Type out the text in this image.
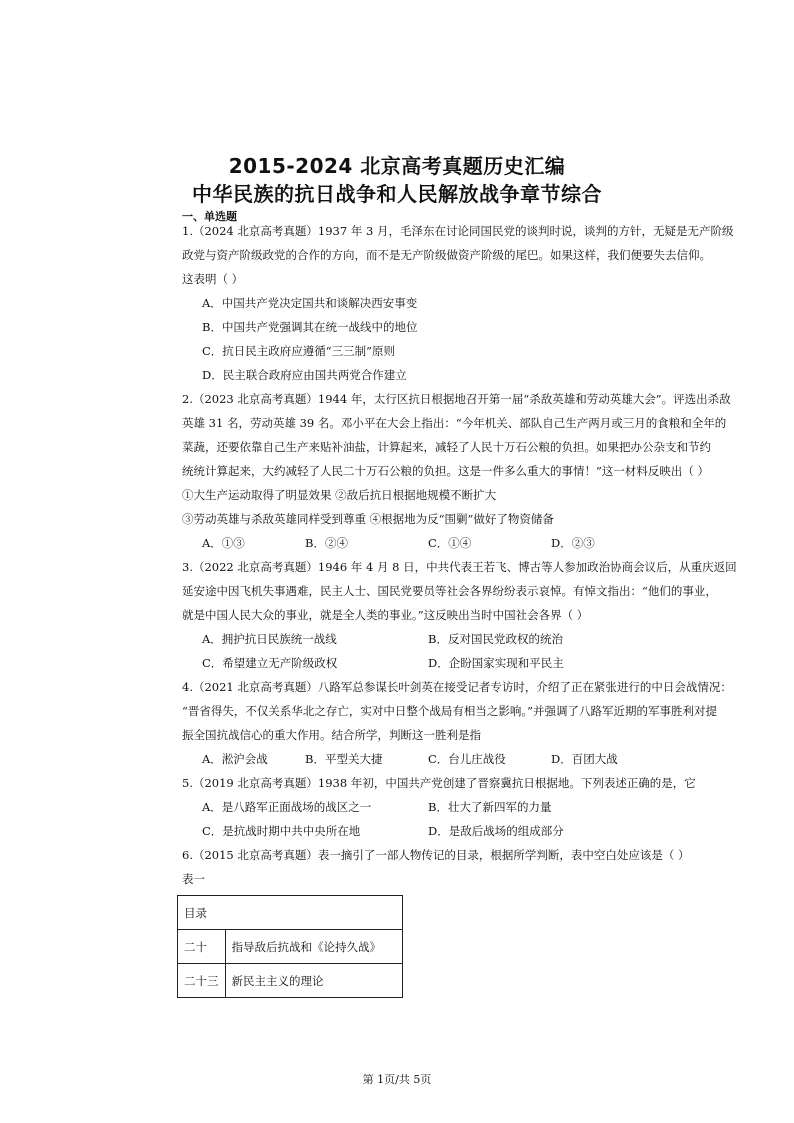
2015-2024 北京高考真题历史汇编
中华民族的抗日战争和人民解放战争章节综合
一、单选题
1.（2024 北京高考真题）1937 年 3 月，毛泽东在讨论同国民党的谈判时说，谈判的方针，无疑是无产阶级
政党与资产阶级政党的合作的方向，而不是无产阶级做资产阶级的尾巴。如果这样，我们便要失去信仰。
这表明（ ）
A．中国共产党决定国共和谈解决西安事变
B．中国共产党强调其在统一战线中的地位
C．抗日民主政府应遵循“三三制”原则
D．民主联合政府应由国共两党合作建立
2.（2023 北京高考真题）1944 年，太行区抗日根据地召开第一届“杀敌英雄和劳动英雄大会”。评选出杀敌
英雄 31 名，劳动英雄 39 名。邓小平在大会上指出：“今年机关、部队自己生产两月或三月的食粮和全年的
菜蔬，还要依靠自己生产来贴补油盐，计算起来，减轻了人民十万石公粮的负担。如果把办公杂支和节约
统统计算起来，大约减轻了人民二十万石公粮的负担。这是一件多么重大的事情！”这一材料反映出（ ）
①大生产运动取得了明显效果 ②敌后抗日根据地规模不断扩大
③劳动英雄与杀敌英雄同样受到尊重 ④根据地为反“围剿”做好了物资储备
A．①③	B．②④	C．①④	D．②③
3.（2022 北京高考真题）1946 年 4 月 8 日，中共代表王若飞、博古等人参加政治协商会议后，从重庆返回
延安途中因飞机失事遇难，民主人士、国民党要员等社会各界纷纷表示哀悼。有悼文指出：“他们的事业，
就是中国人民大众的事业，就是全人类的事业。”这反映出当时中国社会各界（ ）
A．拥护抗日民族统一战线	B．反对国民党政权的统治
C．希望建立无产阶级政权	D．企盼国家实现和平民主
4.（2021 北京高考真题）八路军总参谋长叶剑英在接受记者专访时，介绍了正在紧张进行的中日会战情况：
“晋省得失，不仅关系华北之存亡，实对中日整个战局有相当之影响。”并强调了八路军近期的军事胜利对提
振全国抗战信心的重大作用。结合所学，判断这一胜利是指
A．淞沪会战	B．平型关大捷	C．台儿庄战役	D．百团大战
5.（2019 北京高考真题）1938 年初，中国共产党创建了晋察冀抗日根据地。下列表述正确的是，它
A．是八路军正面战场的战区之一	B．壮大了新四军的力量
C．是抗战时期中共中央所在地	D．是敌后战场的组成部分
6.（2015 北京高考真题）表一摘引了一部人物传记的目录，根据所学判断，表中空白处应该是（ ）
表一
目录	
二十	指导敌后抗战和《论持久战》
二十三	新民主主义的理论
第 1页/共 5页
